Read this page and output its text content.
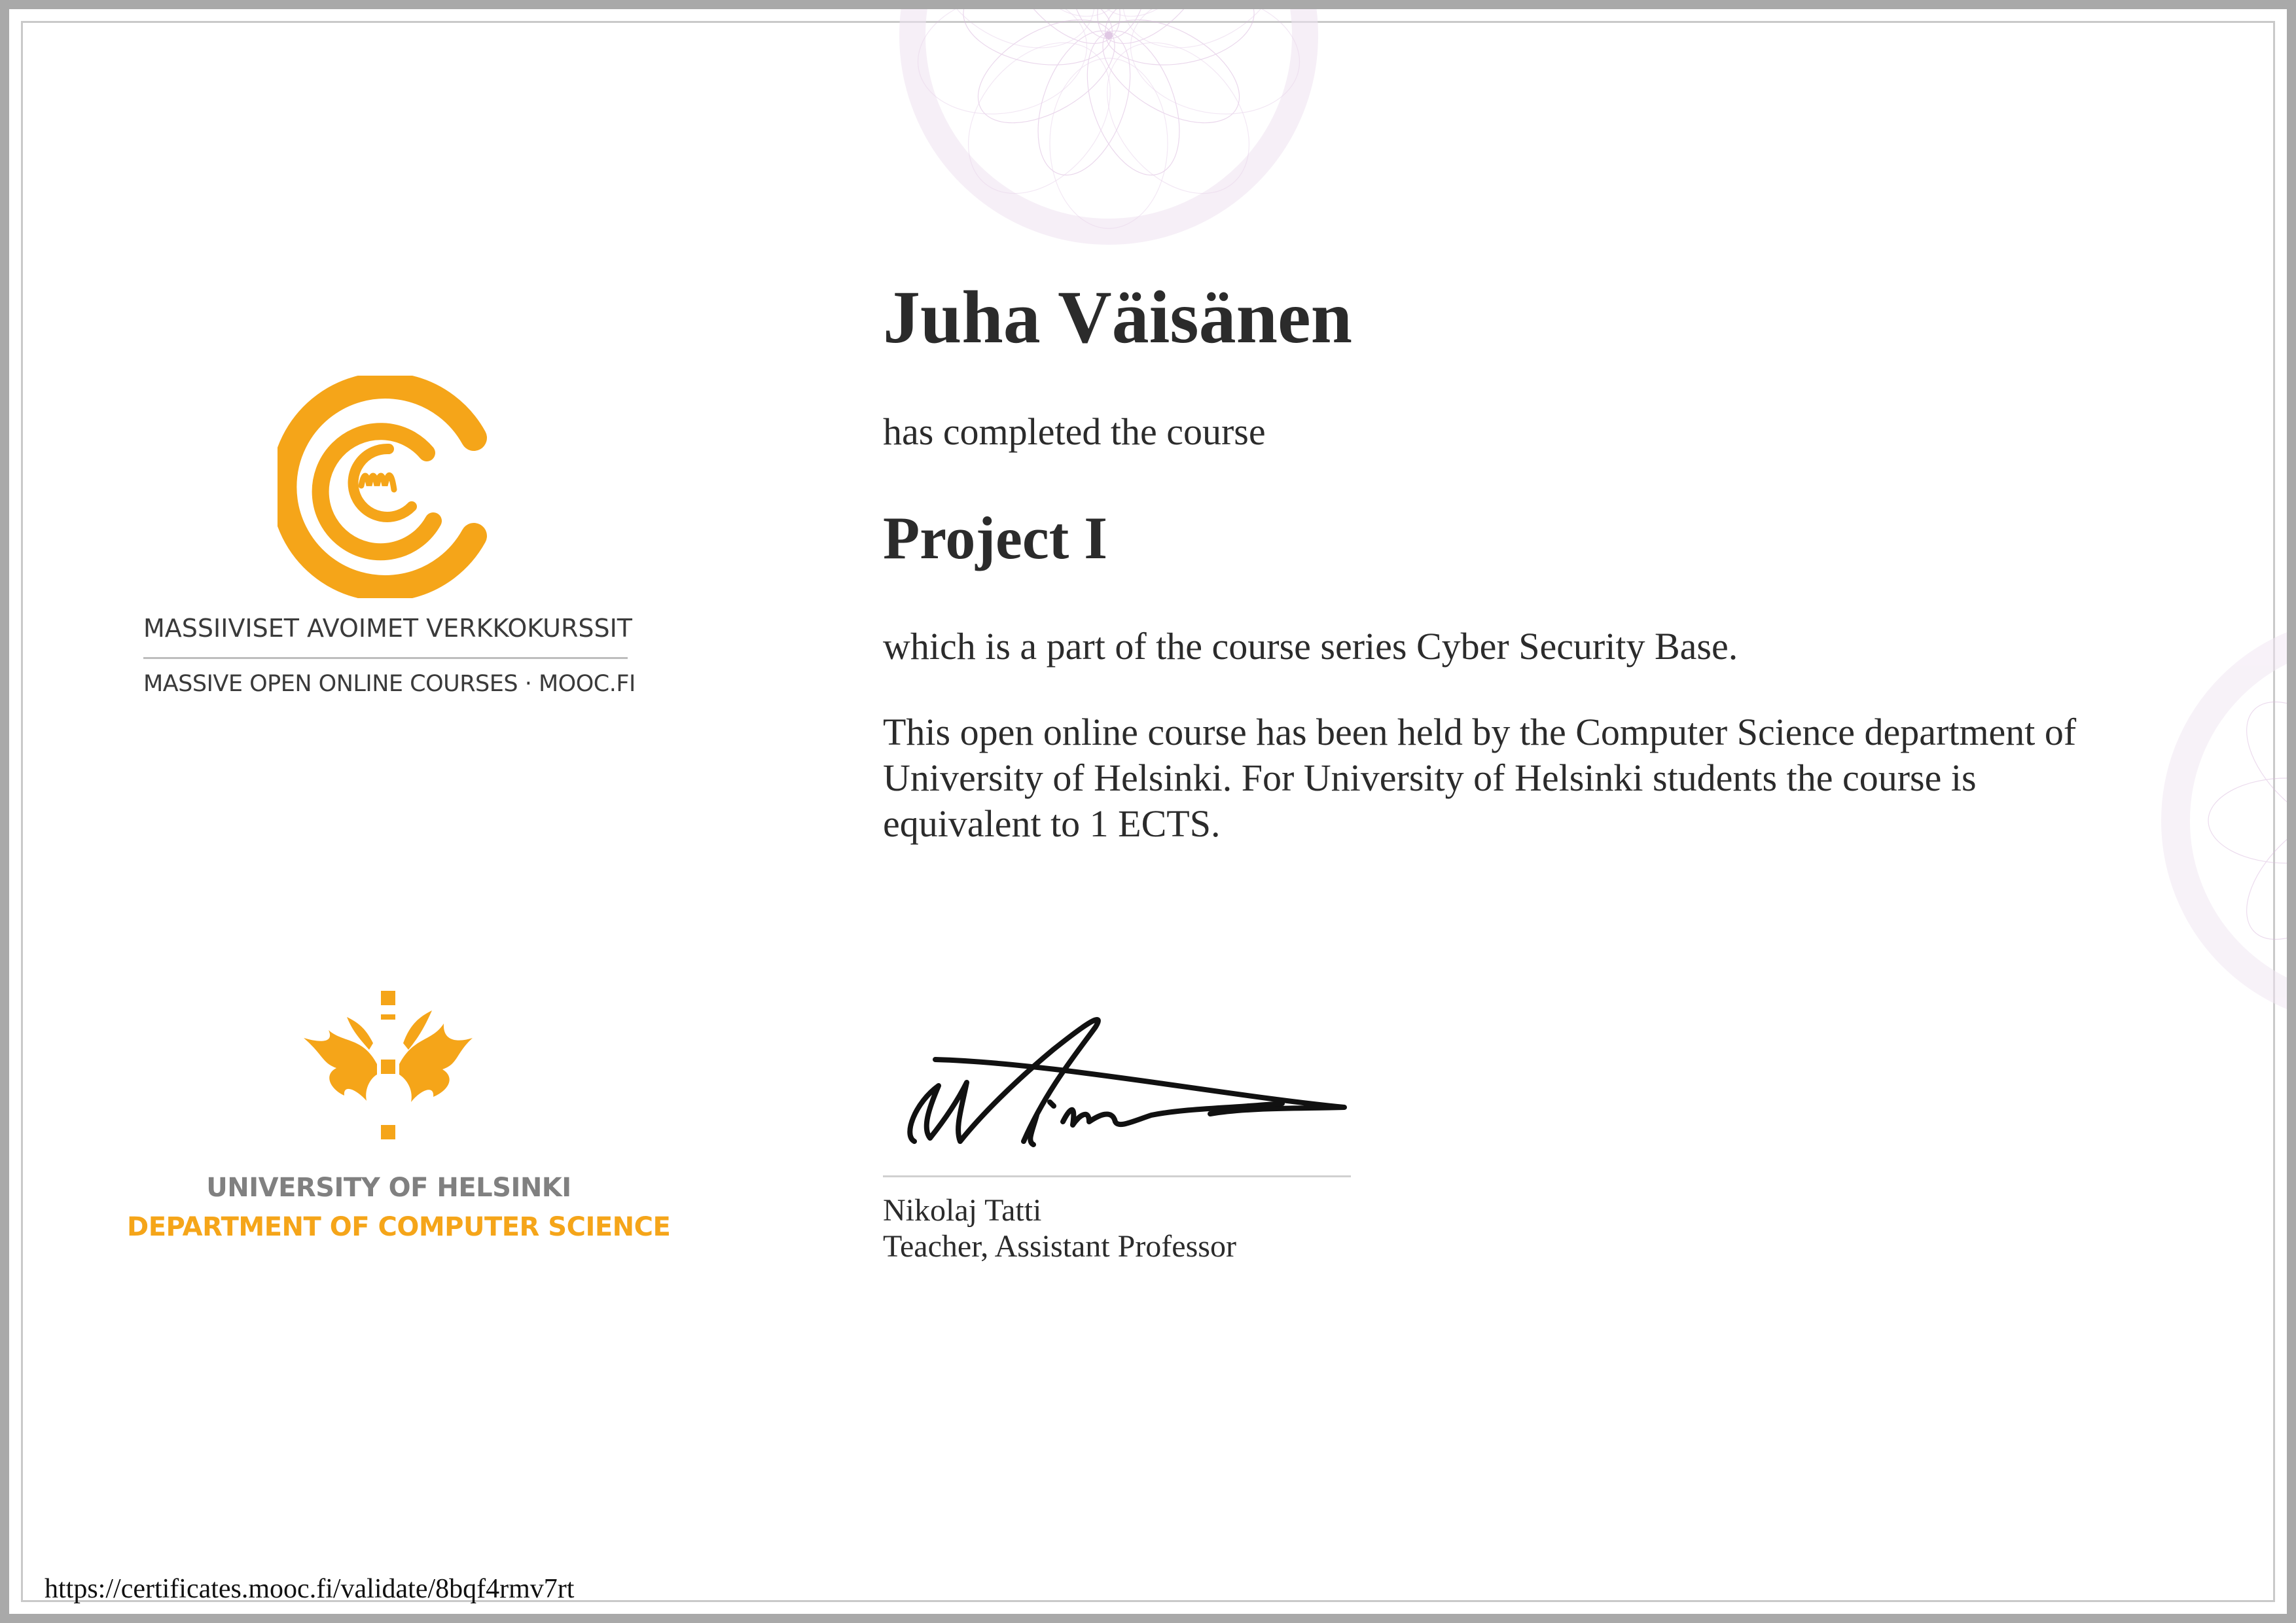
MASSIIVISET AVOIMET VERKKOKURSSIT
MASSIVE OPEN ONLINE COURSES · MOOC.FI
UNIVERSITY OF HELSINKI
DEPARTMENT OF COMPUTER SCIENCE
Juha Väisänen
has completed the course
Project I
which is a part of the course series Cyber Security Base.
This open online course has been held by the Computer Science department of University of Helsinki. For University of Helsinki students the course is equivalent to 1 ECTS.
Nikolaj Tatti
Teacher, Assistant Professor
https://certificates.mooc.fi/validate/8bqf4rmv7rt
